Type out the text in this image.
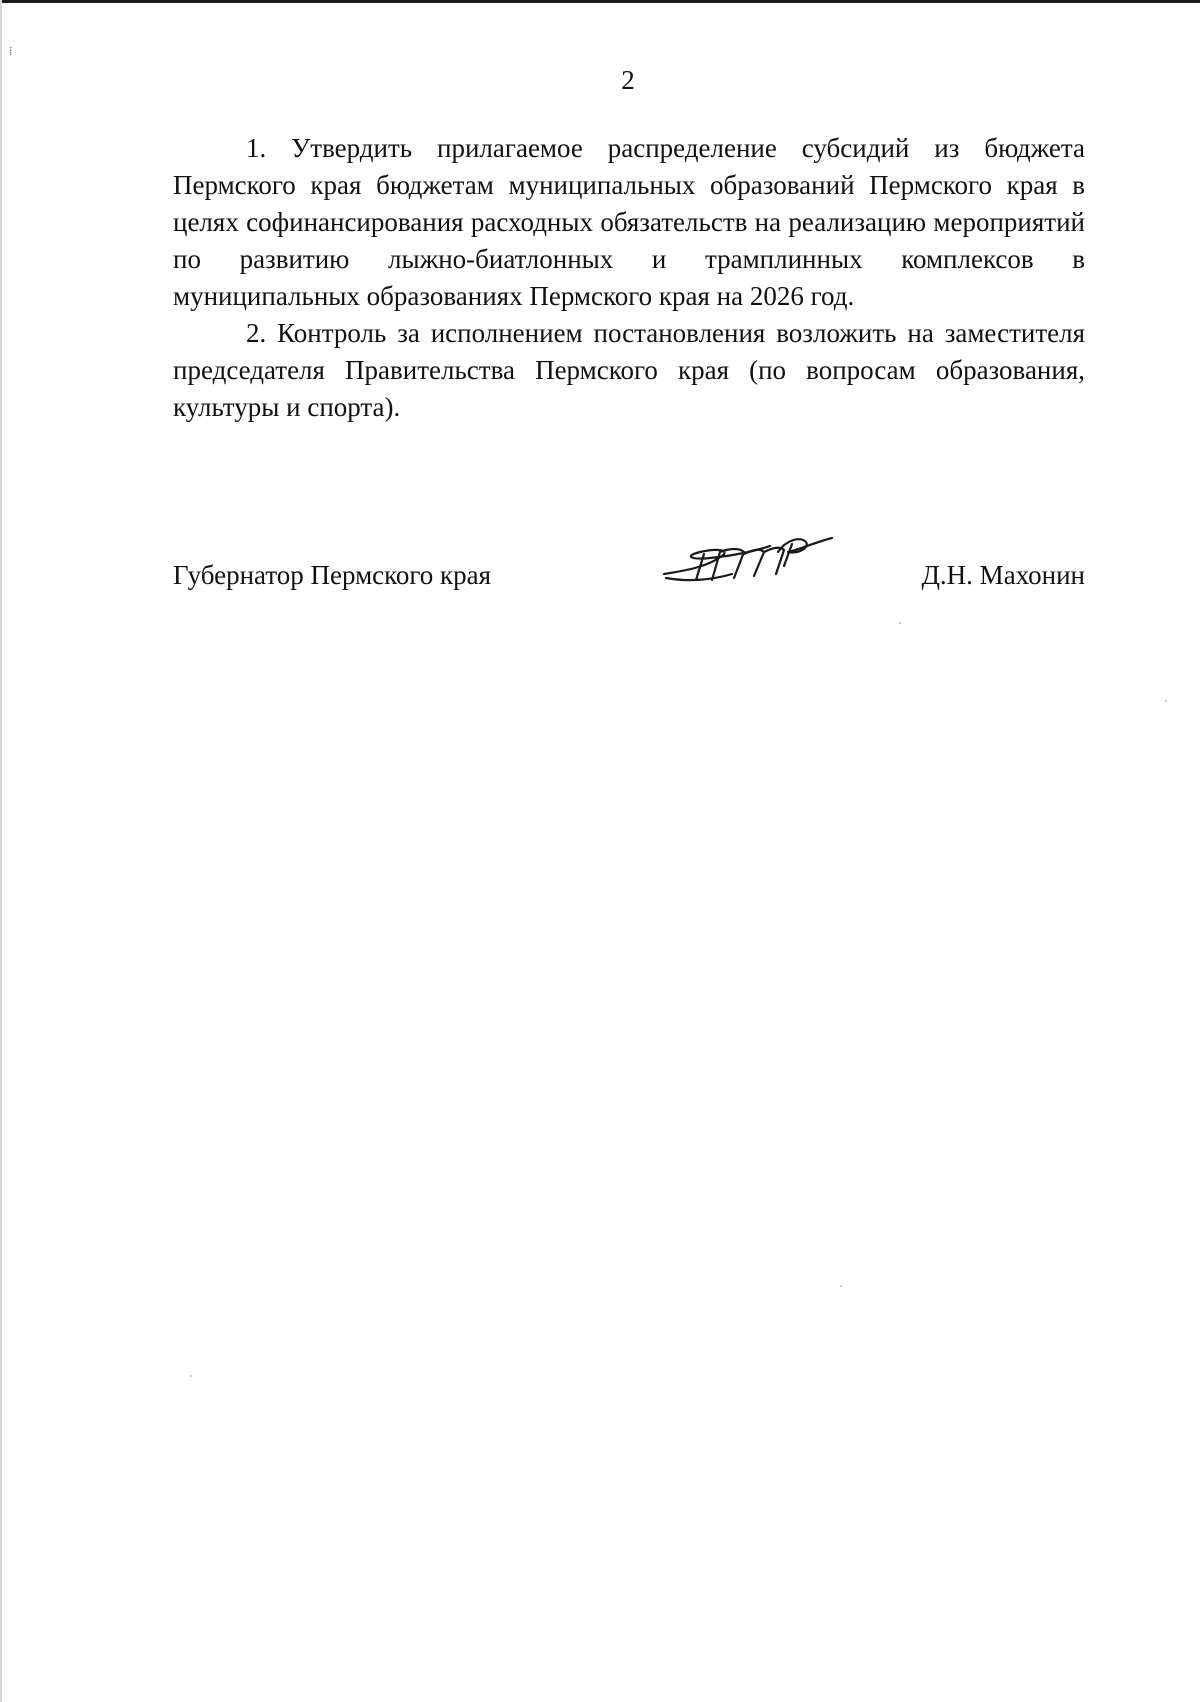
⁞
2

1. Утвердить прилагаемое распределение субсидий из бюджета Пермского края бюджетам муниципальных образований Пермского края в целях софинансирования расходных обязательств на реализацию мероприятий по развитию лыжно-биатлонных и трамплинных комплексов в муниципальных образованиях Пермского края на 2026 год.

2. Контроль за исполнением постановления возложить на заместителя председателя Правительства Пермского края (по вопросам образования, культуры и спорта).

Губернатор Пермского края	Д.Н. Махонин
